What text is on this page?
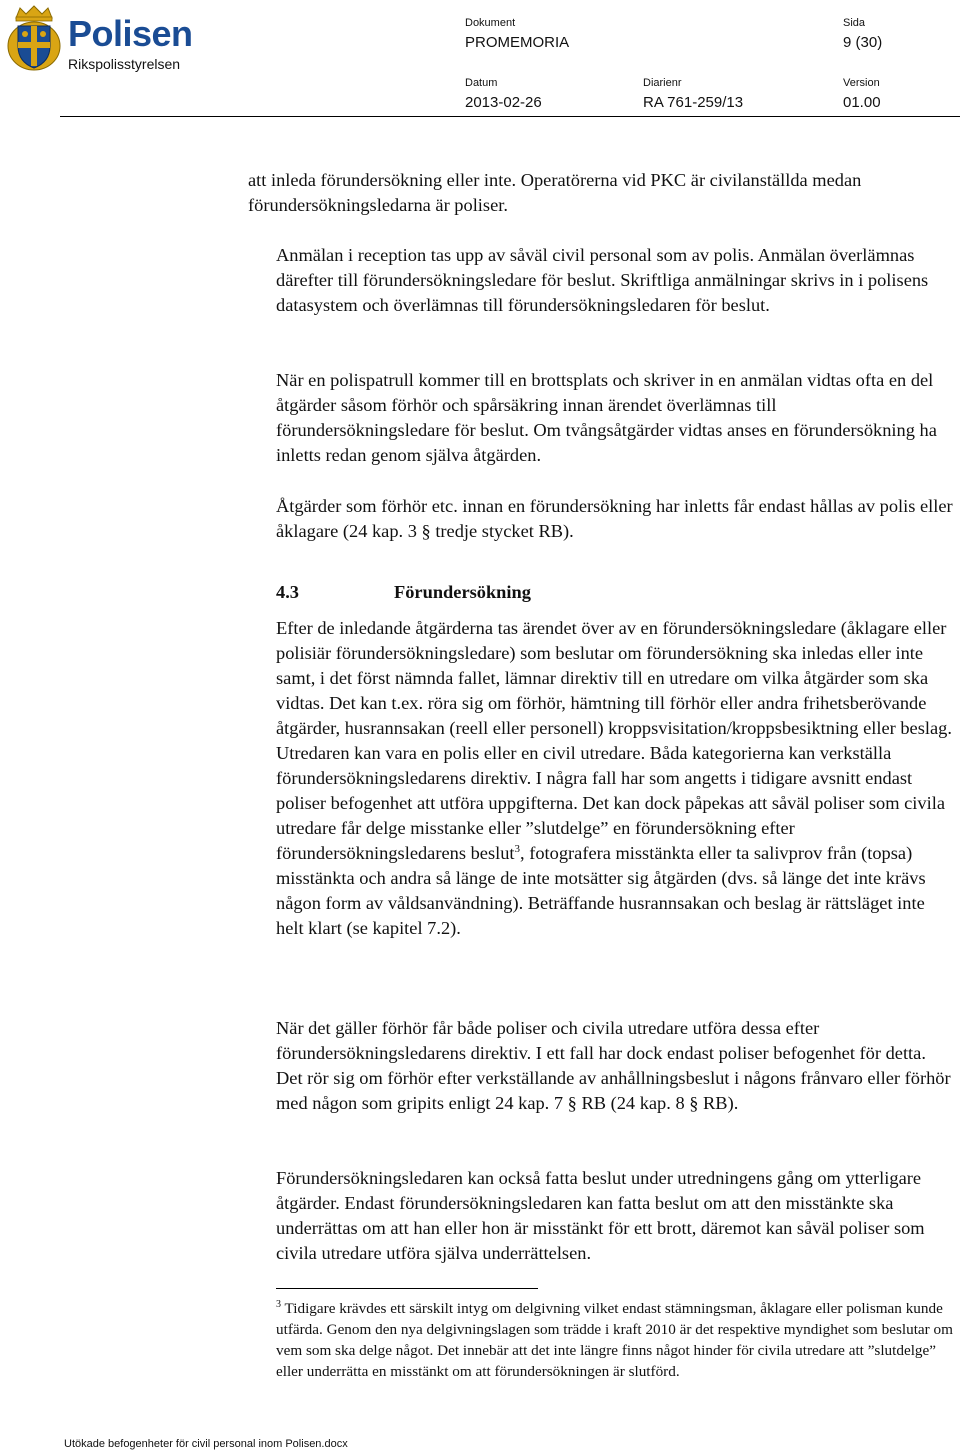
Polisen
Rikspolisstyrelsen
Dokument
PROMEMORIA
Sida
9 (30)
Datum
2013-02-26
Diarienr
RA 761-259/13
Version
01.00

att inleda förundersökning eller inte. Operatörerna vid PKC är civilanställda medan förundersökningsledarna är poliser.

Anmälan i reception tas upp av såväl civil personal som av polis. Anmälan överlämnas därefter till förundersökningsledare för beslut. Skriftliga anmälningar skrivs in i polisens datasystem och överlämnas till förundersökningsledaren för beslut.

När en polispatrull kommer till en brottsplats och skriver in en anmälan vidtas ofta en del åtgärder såsom förhör och spårsäkring innan ärendet överlämnas till förundersökningsledare för beslut. Om tvångsåtgärder vidtas anses en förundersökning ha inletts redan genom själva åtgärden.

Åtgärder som förhör etc. innan en förundersökning har inletts får endast hållas av polis eller åklagare (24 kap. 3 § tredje stycket RB).

4.3	Förundersökning

Efter de inledande åtgärderna tas ärendet över av en förundersökningsledare (åklagare eller polisiär förundersökningsledare) som beslutar om förundersökning ska inledas eller inte samt, i det först nämnda fallet, lämnar direktiv till en utredare om vilka åtgärder som ska vidtas. Det kan t.ex. röra sig om förhör, hämtning till förhör eller andra frihetsberövande åtgärder, husrannsakan (reell eller personell) kroppsvisitation/kroppsbesiktning eller beslag. Utredaren kan vara en polis eller en civil utredare. Båda kategorierna kan verkställa förundersökningsledarens direktiv. I några fall har som angetts i tidigare avsnitt endast poliser befogenhet att utföra uppgifterna. Det kan dock påpekas att såväl poliser som civila utredare får delge misstanke eller ”slutdelge” en förundersökning efter förundersökningsledarens beslut$^3$, fotografera misstänkta eller ta salivprov från (topsa) misstänkta och andra så länge de inte motsätter sig åtgärden (dvs. så länge det inte krävs någon form av våldsanvändning). Beträffande husrannsakan och beslag är rättsläget inte helt klart (se kapitel 7.2).

När det gäller förhör får både poliser och civila utredare utföra dessa efter förundersökningsledarens direktiv. I ett fall har dock endast poliser befogenhet för detta. Det rör sig om förhör efter verkställande av anhållningsbeslut i någons frånvaro eller förhör med någon som gripits enligt 24 kap. 7 § RB (24 kap. 8 § RB).

Förundersökningsledaren kan också fatta beslut under utredningens gång om ytterligare åtgärder. Endast förundersökningsledaren kan fatta beslut om att den misstänkte ska underrättas om att han eller hon är misstänkt för ett brott, däremot kan såväl poliser som civila utredare utföra själva underrättelsen.

$^3$ Tidigare krävdes ett särskilt intyg om delgivning vilket endast stämningsman, åklagare eller polisman kunde utfärda. Genom den nya delgivningslagen som trädde i kraft 2010 är det respektive myndighet som beslutar om vem som ska delge något. Det innebär att det inte längre finns något hinder för civila utredare att ”slutdelge” eller underrätta en misstänkt om att förundersökningen är slutförd.
Utökade befogenheter för civil personal inom Polisen.docx
